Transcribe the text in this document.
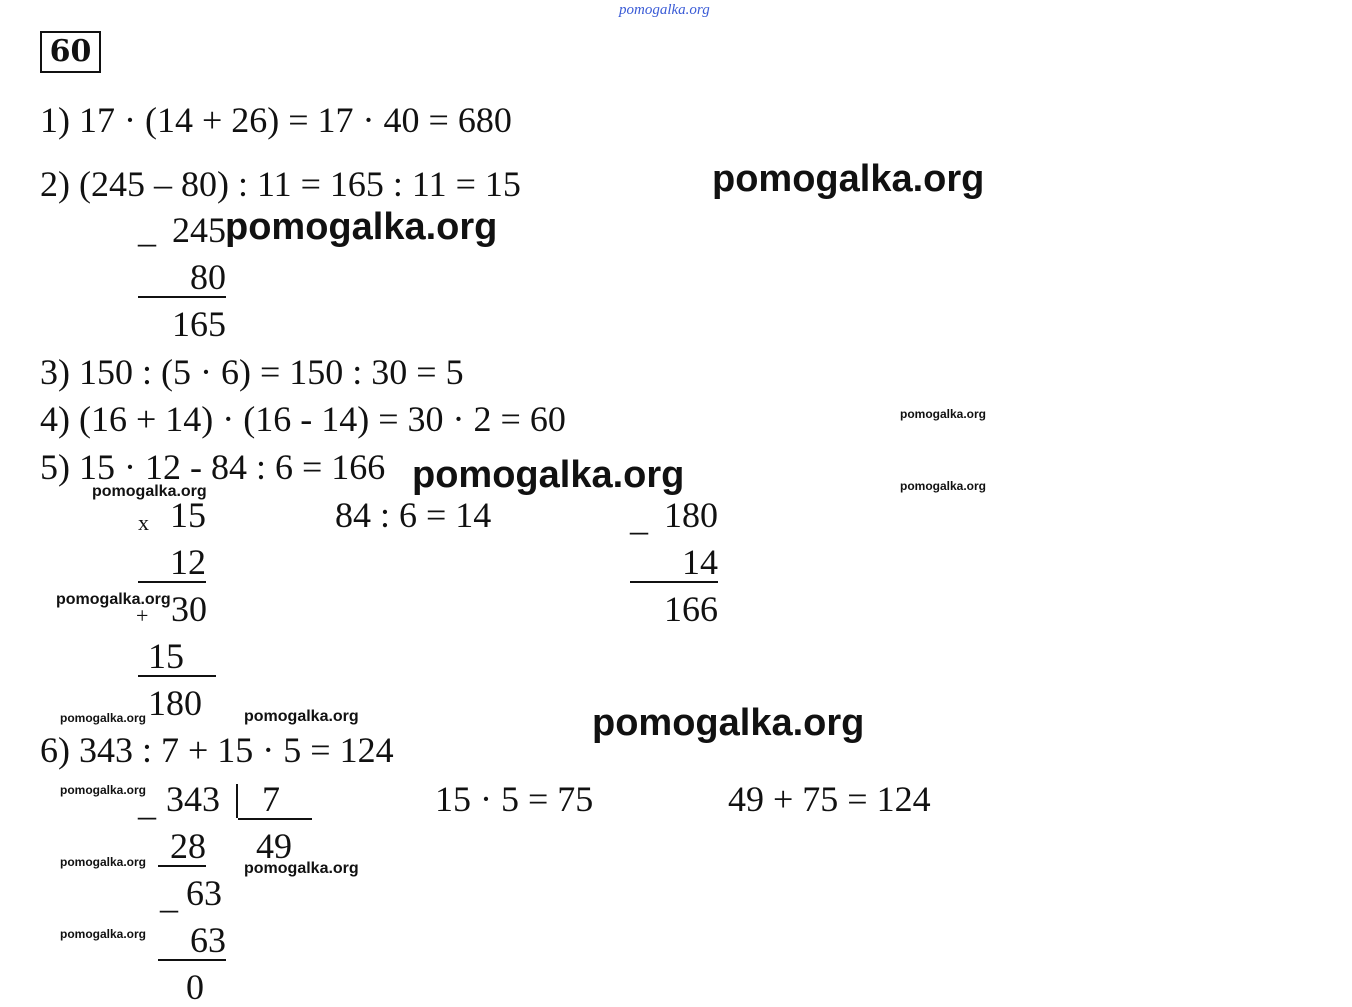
pomogalka.org
60
1) 17 · (14 + 26) = 17 · 40 = 680
2) (245 – 80) : 11 = 165 : 11 = 15
3) 150 : (5 · 6) = 150 : 30 = 5
4) (16 + 14) · (16 - 14) = 30 · 2 = 60
5) 15 · 12 - 84 : 6 = 166
6) 343 : 7 + 15 · 5 = 124
_ 245
80
165
x 15
12
+ 30
15
180
84 : 6 = 14	_ 180
14
166
_ 343	7
49
28
_ 63
63
0
15 · 5 = 75	49 + 75 = 124
pomogalka.org
pomogalka.org
pomogalka.org
pomogalka.org	pomogalka.org
pomogalka.org
pomogalka.org
pomogalka.org	pomogalka.org	pomogalka.org
pomogalka.org
pomogalka.org	pomogalka.org
pomogalka.org
